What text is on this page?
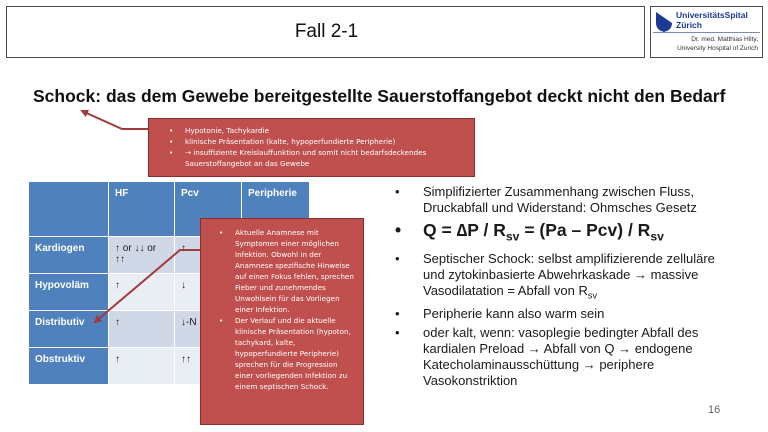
Fall 2-1
UniversitätsSpital
Zürich
Dr. med. Matthias Hilty,
University Hospital of Zurich
Schock: das dem Gewebe bereitgestellte Sauerstoffangebot deckt nicht den Bedarf
	HF	Pcv	Peripherie
Kardiogen	↑ or ↓↓ or ↑↑	↑	
Hypovoläm	↑	↓	
Distributiv	↑	↓-N	
Obstruktiv	↑	↑↑	
• Hypotonie, Tachykardie
• klinische Präsentation (kalte, hypoperfundierte Peripherie)
• → insuffiziente Kreislauffunktion und somit nicht bedarfsdeckendes Sauerstoffangebot an das Gewebe
• Aktuelle Anamnese mit Symptomen einer möglichen Infektion. Obwohl in der Anamnese spezifische Hinweise auf einen Fokus fehlen, sprechen Fieber und zunehmendes Unwohlsein für das Vorliegen einer Infektion.
• Der Verlauf und die aktuelle klinische Präsentation (hypoton, tachykard, kalte, hypoperfundierte Peripherie) sprechen für die Progression einer vorliegenden Infektion zu einem septischen Schock.
• Simplifizierter Zusammenhang zwischen Fluss, Druckabfall und Widerstand: Ohmsches Gesetz
• $Q = \Delta P / R_{sv} = (Pa - Pcv) / R_{sv}$
• Septischer Schock: selbst amplifizierende zelluläre und zytokinbasierte Abwehrkaskade → massive Vasodilatation = Abfall von $R_{sv}$
• Peripherie kann also warm sein
• oder kalt, wenn: vasoplegie bedingter Abfall des kardialen Preload → Abfall von Q → endogene Katecholaminausschüttung → periphere Vasokonstriktion
16
